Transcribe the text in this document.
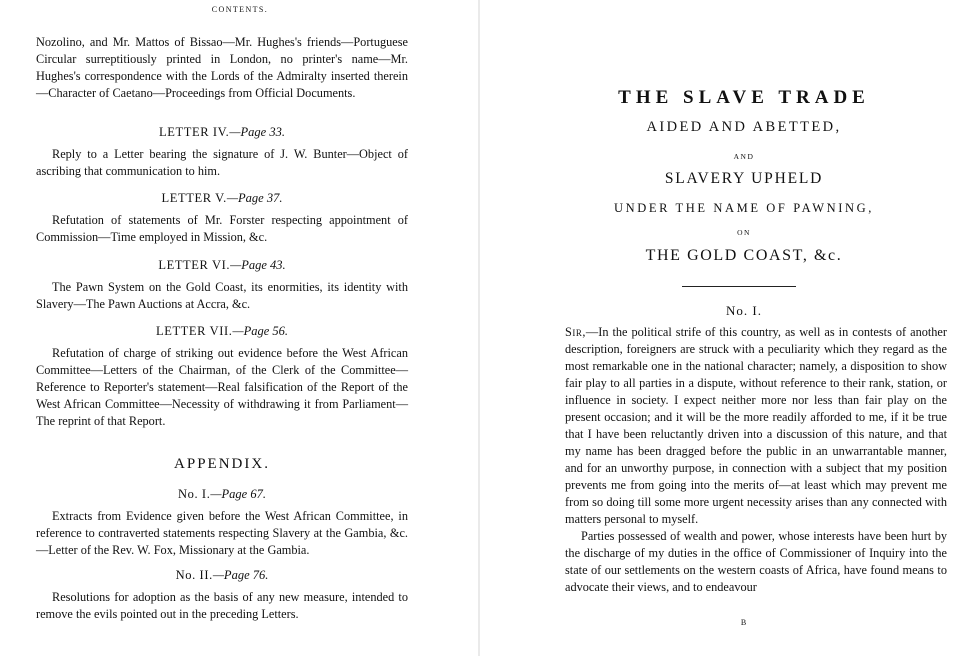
CONTENTS.
Nozolino, and Mr. Mattos of Bissao—Mr. Hughes's friends—Portuguese Circular surreptitiously printed in London, no printer's name—Mr. Hughes's correspondence with the Lords of the Admiralty inserted therein—Character of Caetano—Proceedings from Official Documents.
LETTER IV.—Page 33.
Reply to a Letter bearing the signature of J. W. Bunter—Object of ascribing that communication to him.
LETTER V.—Page 37.
Refutation of statements of Mr. Forster respecting appointment of Commission—Time employed in Mission, &c.
LETTER VI.—Page 43.
The Pawn System on the Gold Coast, its enormities, its identity with Slavery—The Pawn Auctions at Accra, &c.
LETTER VII.—Page 56.
Refutation of charge of striking out evidence before the West African Committee—Letters of the Chairman, of the Clerk of the Committee—Reference to Reporter's statement—Real falsification of the Report of the West African Committee—Necessity of withdrawing it from Parliament—The reprint of that Report.
APPENDIX.
No. I.—Page 67.
Extracts from Evidence given before the West African Committee, in reference to contraverted statements respecting Slavery at the Gambia, &c.—Letter of the Rev. W. Fox, Missionary at the Gambia.
No. II.—Page 76.
Resolutions for adoption as the basis of any new measure, intended to remove the evils pointed out in the preceding Letters.
THE SLAVE TRADE
AIDED AND ABETTED,
AND
SLAVERY UPHELD
UNDER THE NAME OF PAWNING,
ON
THE GOLD COAST, &c.
No. I.

Sir,—In the political strife of this country, as well as in contests of another description, foreigners are struck with a peculiarity which they regard as the most remarkable one in the national character; namely, a disposition to show fair play to all parties in a dispute, without reference to their rank, station, or influence in society. I expect neither more nor less than fair play on the present occasion; and it will be the more readily afforded to me, if it be true that I have been reluctantly driven into a discussion of this nature, and that my name has been dragged before the public in an unwarrantable manner, and for an unworthy purpose, in connection with a subject that my position prevents me from going into the merits of—at least which may prevent me from so doing till some more urgent necessity arises than any connected with matters personal to myself.

Parties possessed of wealth and power, whose interests have been hurt by the discharge of my duties in the office of Commissioner of Inquiry into the state of our settlements on the western coasts of Africa, have found means to advocate their views, and to endeavour

B
